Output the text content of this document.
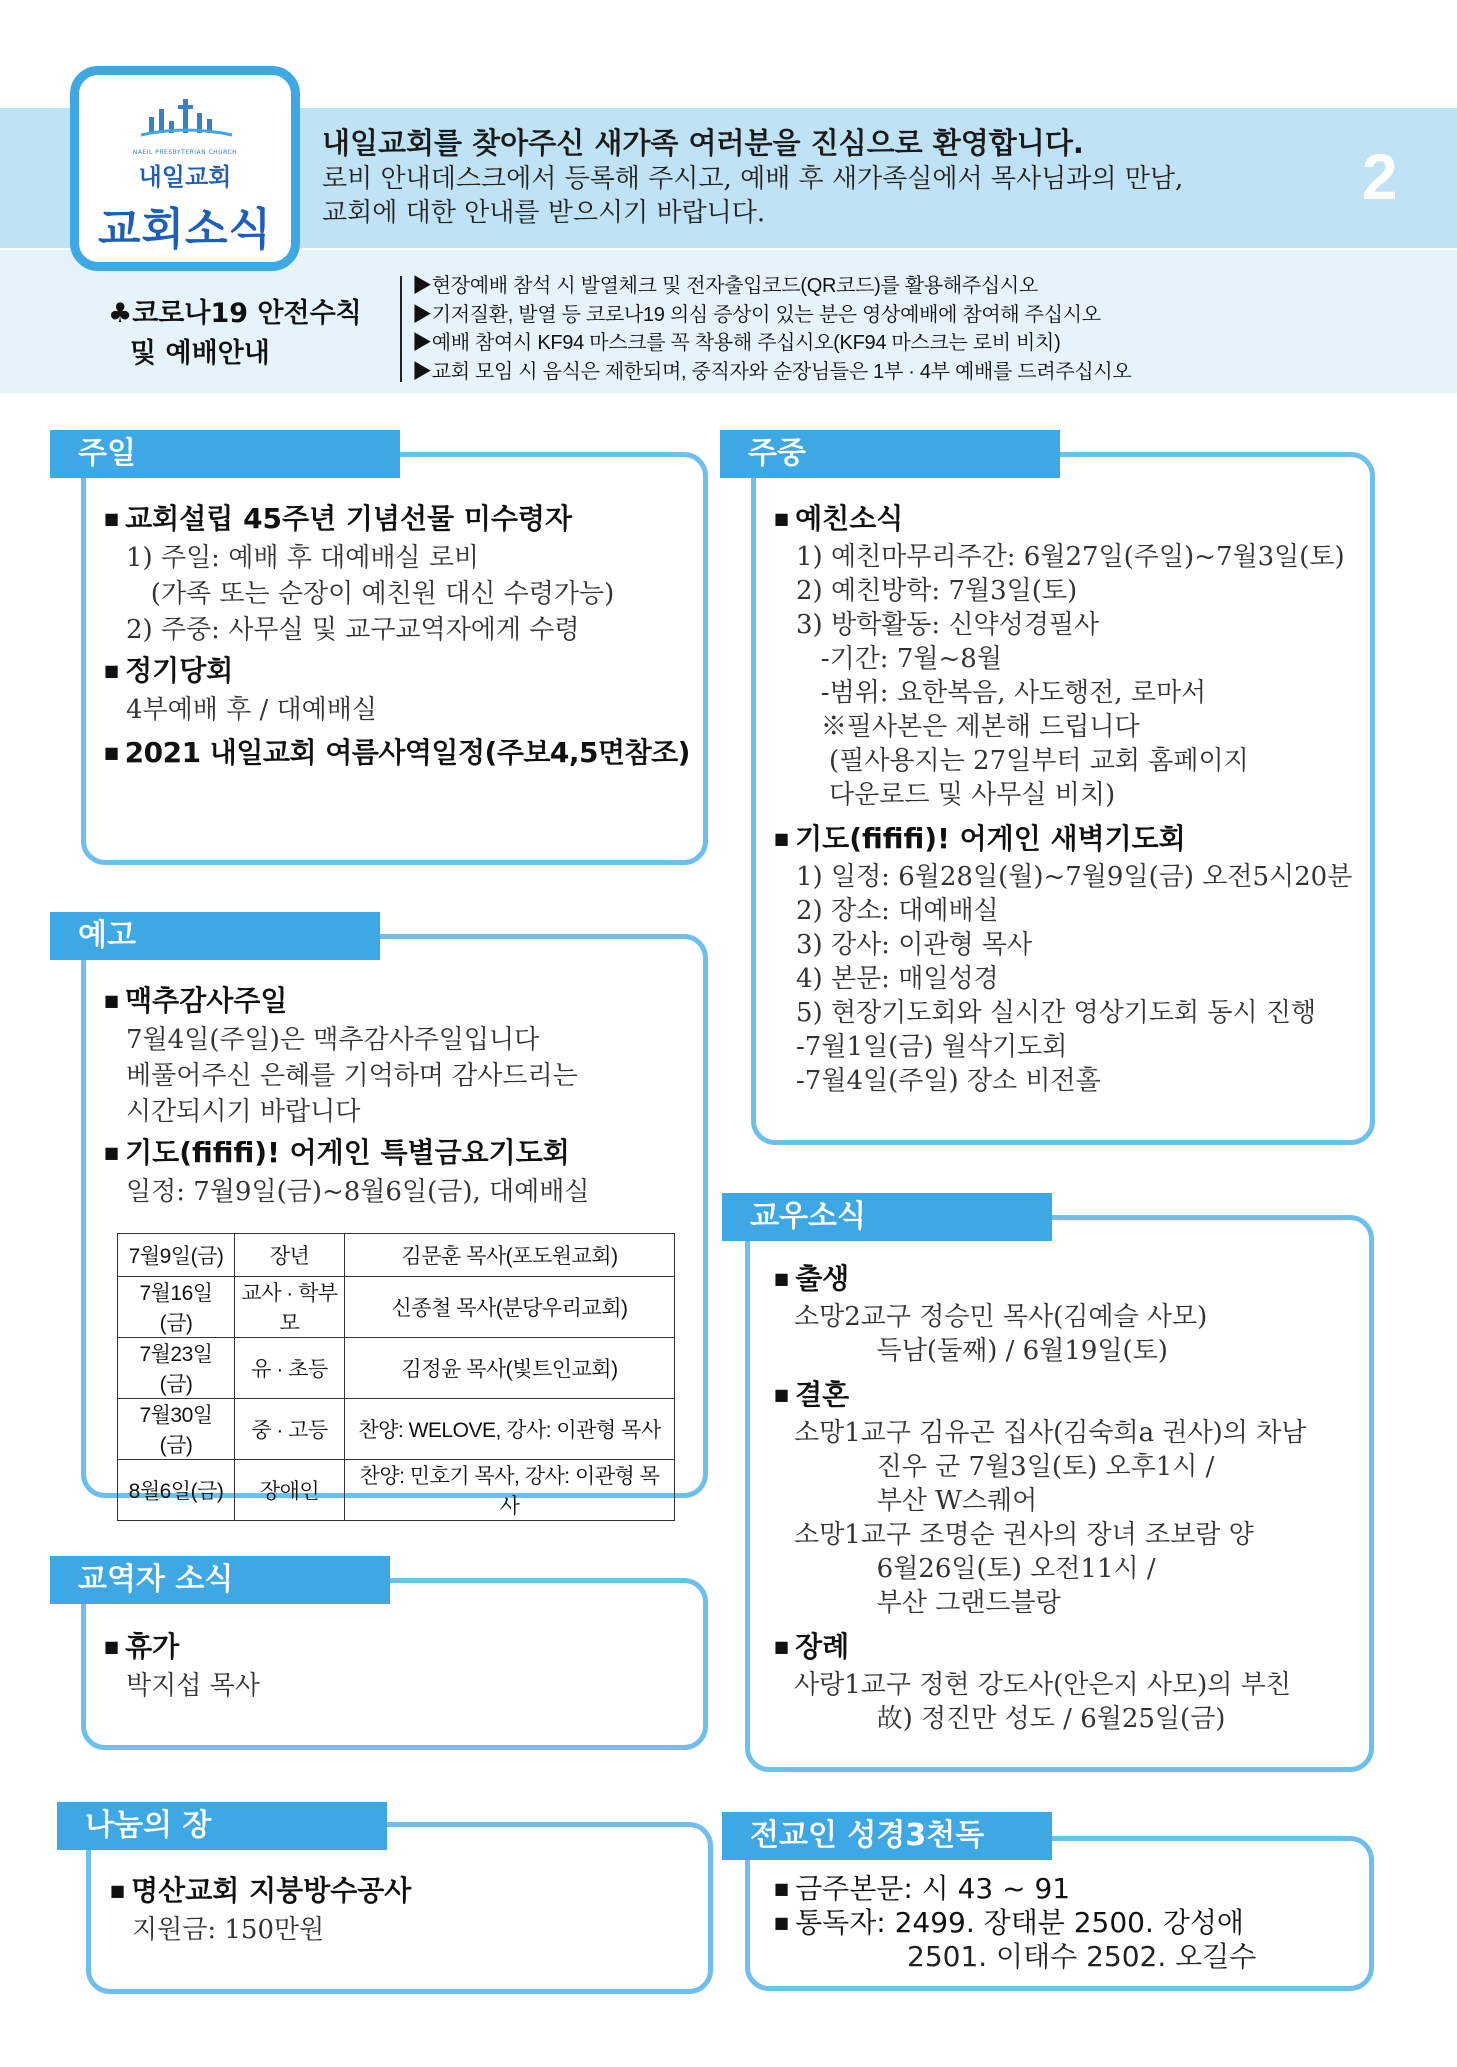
NAEIL PRESBYTERIAN CHURCH
내일교회
교회소식
내일교회를 찾아주신 새가족 여러분을 진심으로 환영합니다.
로비 안내데스크에서 등록해 주시고, 예배 후 새가족실에서 목사님과의 만남,
교회에 대한 안내를 받으시기 바랍니다.	2
♣코로나19 안전수칙
및 예배안내
▶현장예배 참석 시 발열체크 및 전자출입코드(QR코드)를 활용해주십시오
▶기저질환, 발열 등 코로나19 의심 증상이 있는 분은 영상예배에 참여해 주십시오
▶예배 참여시 KF94 마스크를 꼭 착용해 주십시오(KF94 마스크는 로비 비치)
▶교회 모임 시 음식은 제한되며, 중직자와 순장님들은 1부 · 4부 예배를 드려주십시오
주일
■ 교회설립 45주년 기념선물 미수령자
1) 주일: 예배 후 대예배실 로비
(가족 또는 순장이 예친원 대신 수령가능)
2) 주중: 사무실 및 교구교역자에게 수령
■ 정기당회
4부예배 후 / 대예배실
■ 2021 내일교회 여름사역일정(주보4,5면참조)
예고
■ 맥추감사주일
7월4일(주일)은 맥추감사주일입니다
베풀어주신 은혜를 기억하며 감사드리는
시간되시기 바랍니다
■ 기도(ﬁﬁﬁ)! 어게인 특별금요기도회
일정: 7월9일(금)~8월6일(금), 대예배실
7월9일(금)	장년	김문훈 목사(포도원교회)
7월16일(금)	교사 · 학부모	신종철 목사(분당우리교회)
7월23일(금)	유 · 초등	김정윤 목사(빛트인교회)
7월30일(금)	중 · 고등	찬양: WELOVE, 강사: 이관형 목사
8월6일(금)	장애인	찬양: 민호기 목사, 강사: 이관형 목사
교역자 소식
■ 휴가
박지섭 목사
나눔의 장
■ 명산교회 지붕방수공사
지원금: 150만원
주중
■ 예친소식
1) 예친마무리주간: 6월27일(주일)~7월3일(토)
2) 예친방학: 7월3일(토)
3) 방학활동: 신약성경필사
-기간: 7월~8월
-범위: 요한복음, 사도행전, 로마서
※필사본은 제본해 드립니다
(필사용지는 27일부터 교회 홈페이지
다운로드 및 사무실 비치)
■ 기도(ﬁﬁﬁ)! 어게인 새벽기도회
1) 일정: 6월28일(월)~7월9일(금) 오전5시20분
2) 장소: 대예배실
3) 강사: 이관형 목사
4) 본문: 매일성경
5) 현장기도회와 실시간 영상기도회 동시 진행
-7월1일(금) 월삭기도회
-7월4일(주일) 장소 비전홀
교우소식
■ 출생
소망2교구 정승민 목사(김예슬 사모)
득남(둘째) / 6월19일(토)
■ 결혼
소망1교구 김유곤 집사(김숙희a 권사)의 차남
진우 군 7월3일(토) 오후1시 /
부산 W스퀘어
소망1교구 조명순 권사의 장녀 조보람 양
6월26일(토) 오전11시 /
부산 그랜드블랑
■ 장례
사랑1교구 정현 강도사(안은지 사모)의 부친
故) 정진만 성도 / 6월25일(금)
전교인 성경3천독
■ 금주본문: 시 43 ~ 91
■ 통독자: 2499. 장태분 2500. 강성애
2501. 이태수 2502. 오길수
